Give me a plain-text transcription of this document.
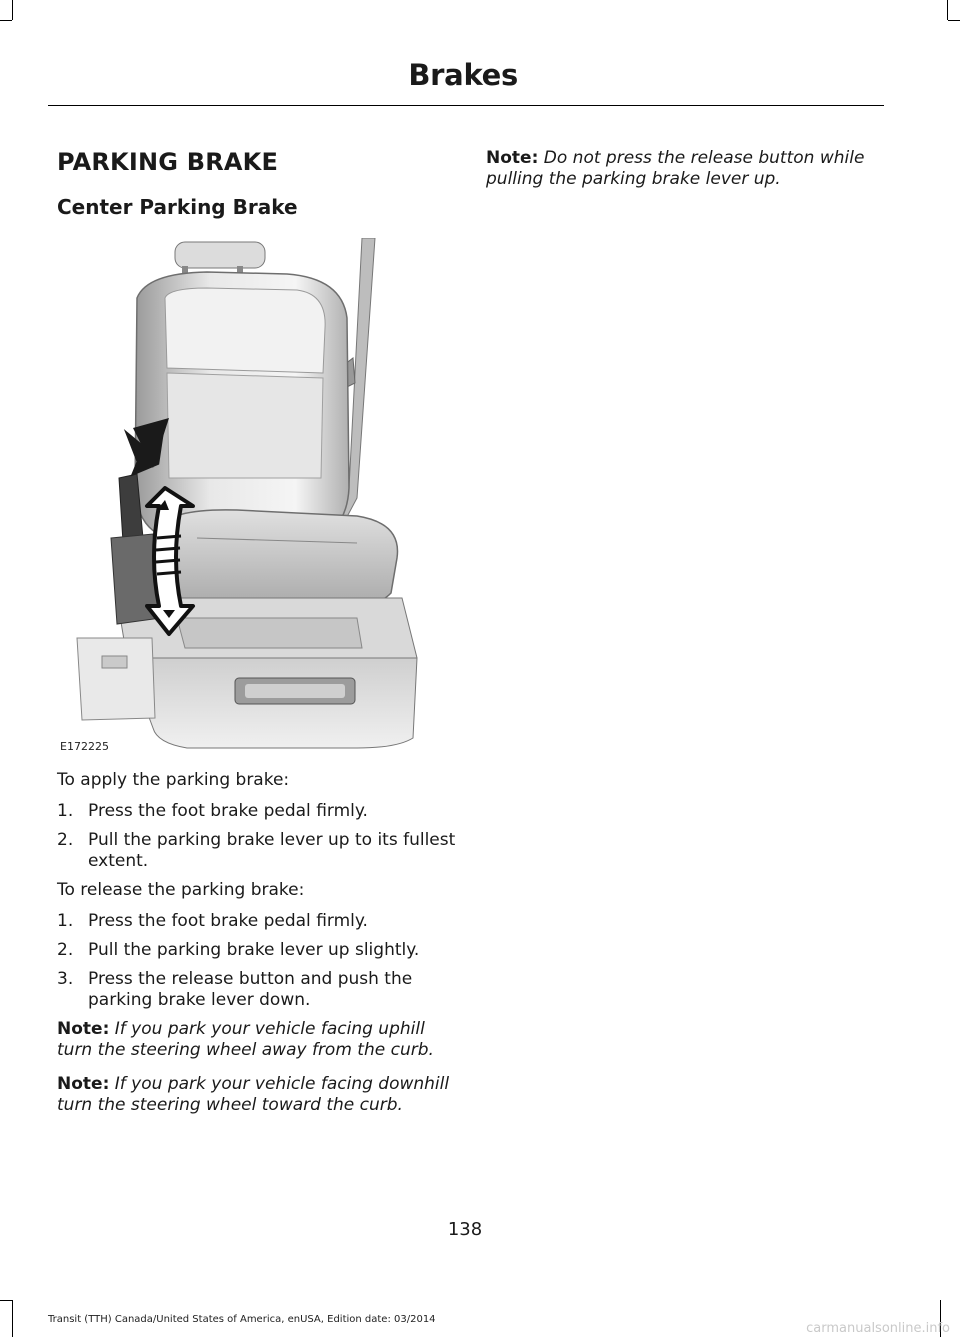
Brakes
PARKING BRAKE
Center Parking Brake
E172225

To apply the parking brake:

1. Press the foot brake pedal firmly.
2. Pull the parking brake lever up to its fullest extent.

To release the parking brake:

1. Press the foot brake pedal firmly.
2. Pull the parking brake lever up slightly.
3. Press the release button and push the parking brake lever down.

Note: If you park your vehicle facing uphill turn the steering wheel away from the curb.

Note: If you park your vehicle facing downhill turn the steering wheel toward the curb.

Note: Do not press the release button while pulling the parking brake lever up.

138
Transit (TTH) Canada/United States of America, enUSA, Edition date: 03/2014
carmanualsonline.info
